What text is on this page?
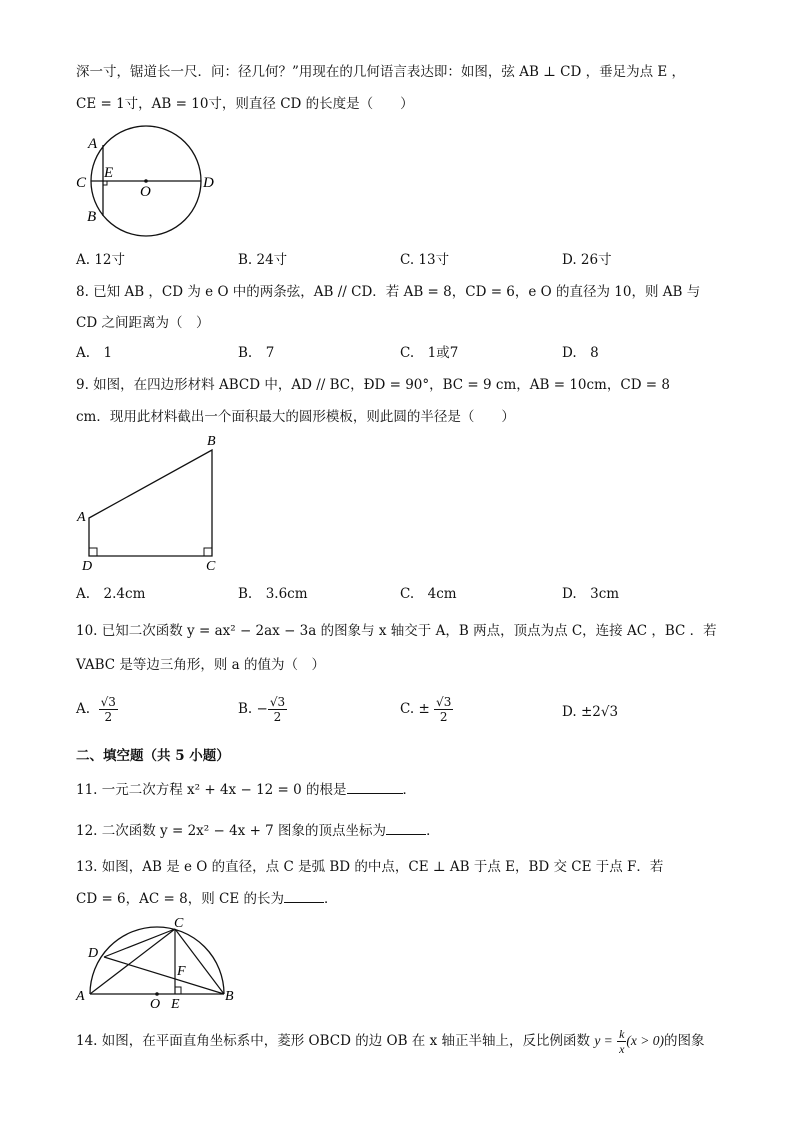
深一寸，锯道长一尺．问：径几何？”用现在的几何语言表达即：如图，弦 AB ⊥ CD ，垂足为点 E ，
CE = 1寸，AB = 10寸，则直径 CD 的长度是（　　）
A
E
C
O
D
B
A. 12寸	B. 24寸	C. 13寸	D. 26寸
8. 已知 AB ，CD 为 e O 中的两条弦，AB // CD．若 AB = 8，CD = 6，e O 的直径为 10，则 AB 与
CD 之间距离为（　）
A.　1	B.　7	C.　1或7	D.　8
9. 如图，在四边形材料 ABCD 中，AD // BC，ÐD = 90°，BC = 9 cm，AB = 10cm，CD = 8
cm．现用此材料截出一个面积最大的圆形模板，则此圆的半径是（　　）
B
A
D	C
A.　2.4cm	B.　3.6cm	C.　4cm	D.　3cm
10. 已知二次函数 y = ax² − 2ax − 3a 的图象与 x 轴交于 A，B 两点，顶点为点 C，连接 AC ，BC ．若
VABC 是等边三角形，则 a 的值为（　）
A. $\frac{√3}{2}$	B. − $\frac{√3}{2}$	C. ± $\frac{√3}{2}$	D. ±2√3
二、填空题（共 5 小题）
11. 一元二次方程 x² + 4x − 12 = 0 的根是	．
12. 二次函数 y = 2x² − 4x + 7 图象的顶点坐标为	．
13. 如图，AB 是 e O 的直径，点 C 是弧 BD 的中点，CE ⊥ AB 于点 E，BD 交 CE 于点 F．若
CD = 6，AC = 8，则 CE 的长为	．
C
D
F
A
O E
B
14. 如图，在平面直角坐标系中，菱形 OBCD 的边 OB 在 x 轴正半轴上，反比例函数 $y = \frac{k}{x} (x > 0)$的图象
